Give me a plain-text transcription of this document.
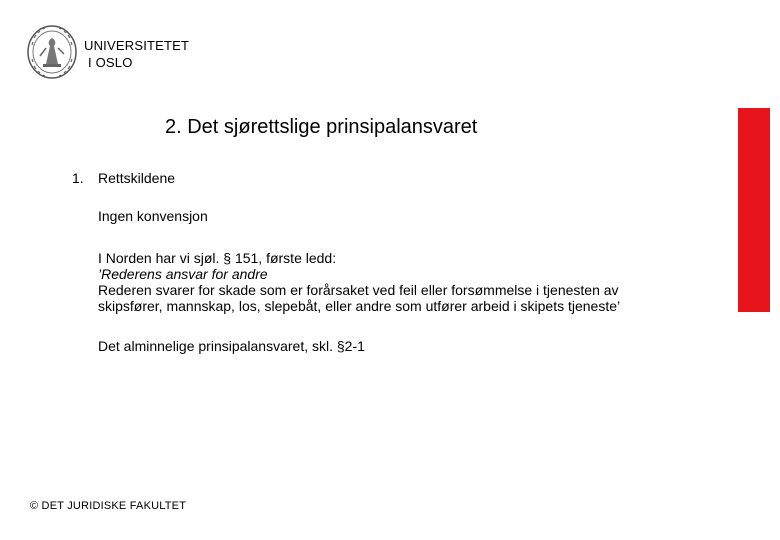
UNIVERSITETET
I OSLO
2. Det sjørettslige prinsipalansvaret
1.	Rettskildene
Ingen konvensjon
I Norden har vi sjøl. § 151, første ledd:
’Rederens ansvar for andre
Rederen svarer for skade som er forårsaket ved feil eller forsømmelse i tjenesten av skipsfører, mannskap, los, slepebåt, eller andre som utfører arbeid i skipets tjeneste’
Det alminnelige prinsipalansvaret, skl. §2-1
© DET JURIDISKE FAKULTET
